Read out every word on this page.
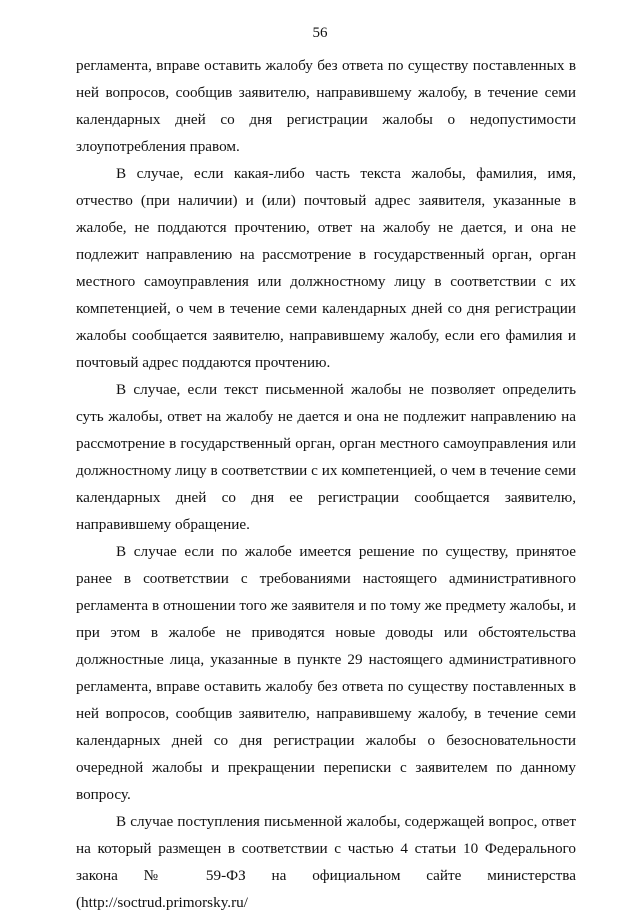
56

регламента, вправе оставить жалобу без ответа по существу поставленных в ней вопросов, сообщив заявителю, направившему жалобу, в течение семи календарных дней со дня регистрации жалобы о недопустимости злоупотребления правом.

В случае, если какая-либо часть текста жалобы, фамилия, имя, отчество (при наличии) и (или) почтовый адрес заявителя, указанные в жалобе, не поддаются прочтению, ответ на жалобу не дается, и она не подлежит направлению на рассмотрение в государственный орган, орган местного самоуправления или должностному лицу в соответствии с их компетенцией, о чем в течение семи календарных дней со дня регистрации жалобы сообщается заявителю, направившему жалобу, если его фамилия и почтовый адрес поддаются прочтению.

В случае, если текст письменной жалобы не позволяет определить суть жалобы, ответ на жалобу не дается и она не подлежит направлению на рассмотрение в государственный орган, орган местного самоуправления или должностному лицу в соответствии с их компетенцией, о чем в течение семи календарных дней со дня ее регистрации сообщается заявителю, направившему обращение.

В случае если по жалобе имеется решение по существу, принятое ранее в соответствии с требованиями настоящего административного регламента в отношении того же заявителя и по тому же предмету жалобы, и при этом в жалобе не приводятся новые доводы или обстоятельства должностные лица, указанные в пункте 29 настоящего административного регламента, вправе оставить жалобу без ответа по существу поставленных в ней вопросов, сообщив заявителю, направившему жалобу, в течение семи календарных дней со дня регистрации жалобы о безосновательности очередной жалобы и прекращении переписки с заявителем по данному вопросу.

В случае поступления письменной жалобы, содержащей вопрос, ответ на который размещен в соответствии с частью 4 статьи 10 Федерального закона № 59-ФЗ на официальном сайте министерства (http://soctrud.primorsky.ru/
